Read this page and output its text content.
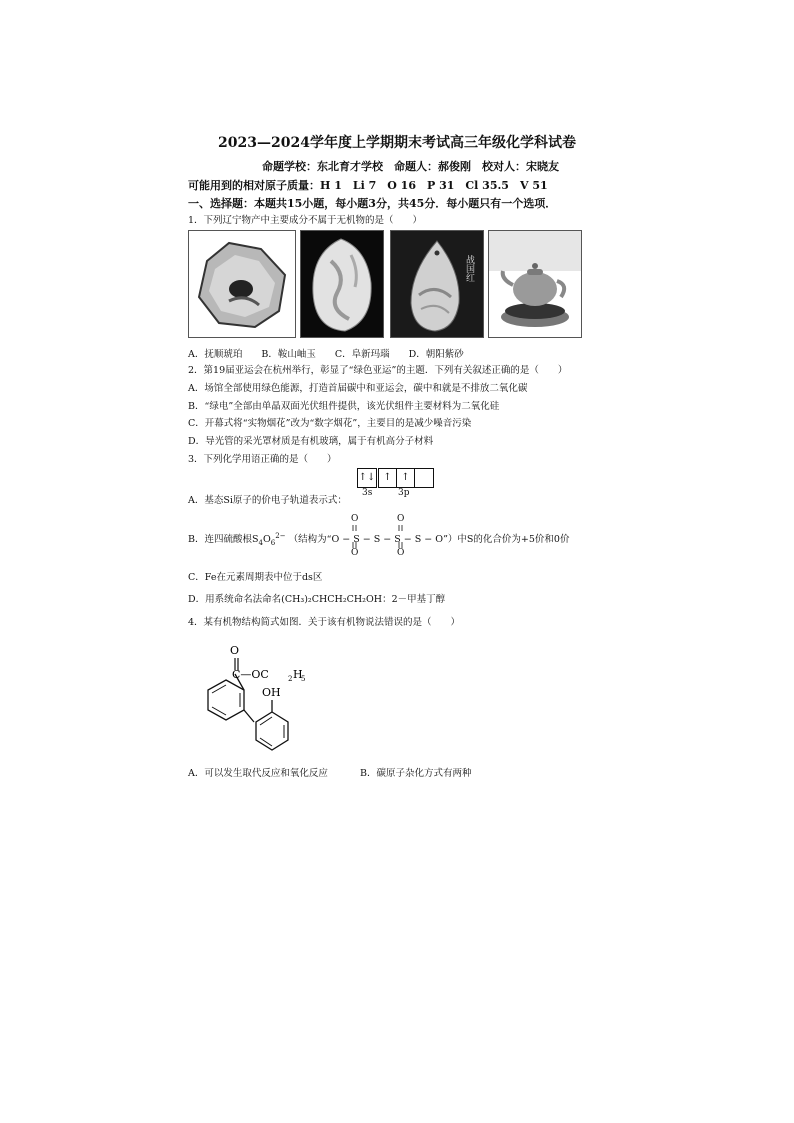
2023—2024学年度上学期期末考试高三年级化学科试卷
命题学校：东北育才学校　命题人：郝俊刚　校对人：宋晓友
可能用到的相对原子质量：H 1　Li 7　O 16　P 31　Cl 35.5　V 51
一、选择题：本题共15小题，每小题3分，共45分．每小题只有一个选项．
1．下列辽宁物产中主要成分不属于无机物的是（　　）
战国红
A．抚顺琥珀　　B．鞍山岫玉　　C．阜新玛瑙　　D．朝阳紫砂
2．第19届亚运会在杭州举行，彰显了“绿色亚运”的主题．下列有关叙述正确的是（　　）
A．场馆全部使用绿色能源，打造首届碳中和亚运会，碳中和就是不排放二氧化碳
B．“绿电”全部由单晶双面光伏组件提供，该光伏组件主要材料为二氧化硅
C．开幕式将“实物烟花”改为“数字烟花”，主要目的是减少噪音污染
D．导光管的采光罩材质是有机玻璃，属于有机高分子材料
3．下列化学用语正确的是（　　）
↑↓ ↑ ↑
3s	3p
A．基态Si原子的价电子轨道表示式：
B．连四硫酸根$S_4O_6^{2-}$ （结构为“O − S − S − S − S − O”）中S的化合价为+5价和0价
O	O
O	O
C．Fe在元素周期表中位于ds区
D．用系统命名法命名(CH₃)₂CHCH₂CH₂OH：2－甲基丁醇
4．某有机物结构简式如图．关于该有机物说法错误的是（　　）
O
C—OC	2 H
5
OH
A．可以发生取代反应和氧化反应	B．碳原子杂化方式有两种
